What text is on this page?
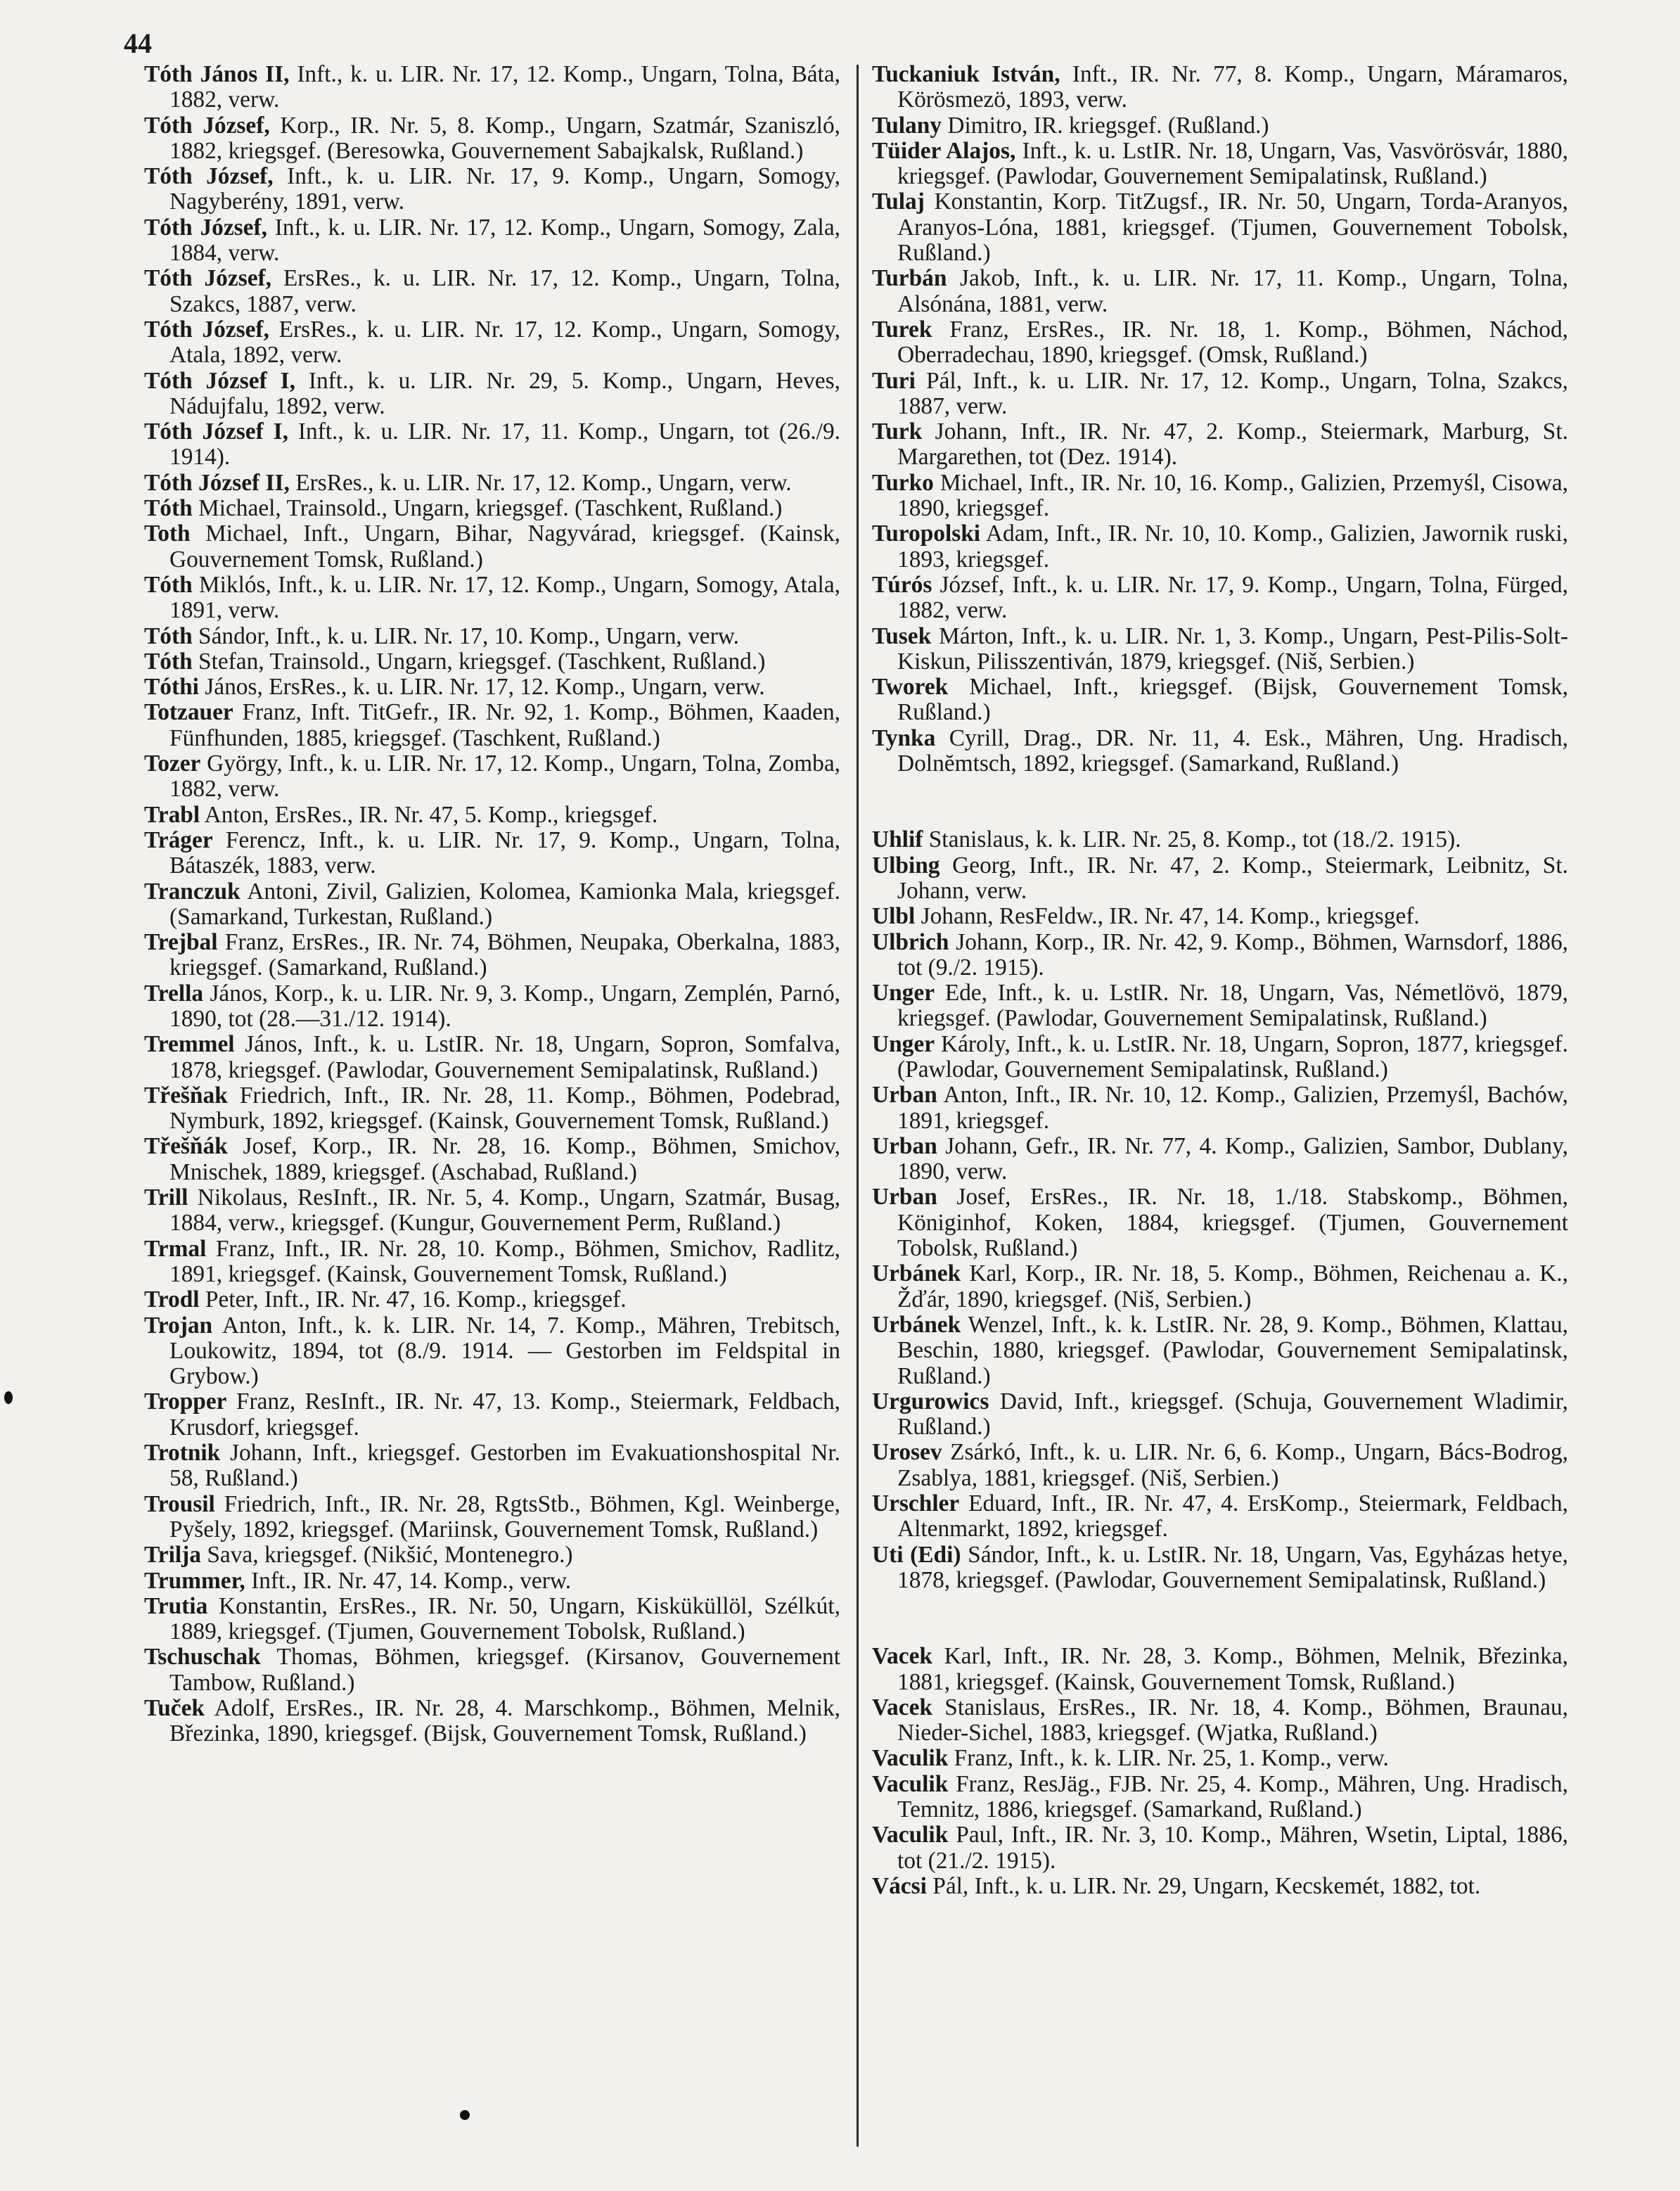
44

Tóth János II, Inft., k. u. LIR. Nr. 17, 12. Komp., Ungarn, Tolna, Báta, 1882, verw.

Tóth József, Korp., IR. Nr. 5, 8. Komp., Ungarn, Szatmár, Szaniszló, 1882, kriegsgef. (Beresowka, Gouvernement Sabajkalsk, Rußland.)

Tóth József, Inft., k. u. LIR. Nr. 17, 9. Komp., Ungarn, Somogy, Nagyberény, 1891, verw.

Tóth József, Inft., k. u. LIR. Nr. 17, 12. Komp., Ungarn, Somogy, Zala, 1884, verw.

Tóth József, ErsRes., k. u. LIR. Nr. 17, 12. Komp., Ungarn, Tolna, Szakcs, 1887, verw.

Tóth József, ErsRes., k. u. LIR. Nr. 17, 12. Komp., Ungarn, Somogy, Atala, 1892, verw.

Tóth József I, Inft., k. u. LIR. Nr. 29, 5. Komp., Ungarn, Heves, Nádujfalu, 1892, verw.

Tóth József I, Inft., k. u. LIR. Nr. 17, 11. Komp., Ungarn, tot (26./9. 1914).

Tóth József II, ErsRes., k. u. LIR. Nr. 17, 12. Komp., Ungarn, verw.

Tóth Michael, Trainsold., Ungarn, kriegsgef. (Taschkent, Rußland.)

Toth Michael, Inft., Ungarn, Bihar, Nagyvárad, kriegsgef. (Kainsk, Gouvernement Tomsk, Rußland.)

Tóth Miklós, Inft., k. u. LIR. Nr. 17, 12. Komp., Ungarn, Somogy, Atala, 1891, verw.

Tóth Sándor, Inft., k. u. LIR. Nr. 17, 10. Komp., Ungarn, verw.

Tóth Stefan, Trainsold., Ungarn, kriegsgef. (Taschkent, Rußland.)

Tóthi János, ErsRes., k. u. LIR. Nr. 17, 12. Komp., Ungarn, verw.

Totzauer Franz, Inft. TitGefr., IR. Nr. 92, 1. Komp., Böhmen, Kaaden, Fünfhunden, 1885, kriegsgef. (Taschkent, Rußland.)

Tozer György, Inft., k. u. LIR. Nr. 17, 12. Komp., Ungarn, Tolna, Zomba, 1882, verw.

Trabl Anton, ErsRes., IR. Nr. 47, 5. Komp., kriegsgef.

Tráger Ferencz, Inft., k. u. LIR. Nr. 17, 9. Komp., Ungarn, Tolna, Bátaszék, 1883, verw.

Tranczuk Antoni, Zivil, Galizien, Kolomea, Kamionka Mala, kriegsgef. (Samarkand, Turkestan, Rußland.)

Trejbal Franz, ErsRes., IR. Nr. 74, Böhmen, Neupaka, Oberkalna, 1883, kriegsgef. (Samarkand, Rußland.)

Trella János, Korp., k. u. LIR. Nr. 9, 3. Komp., Ungarn, Zemplén, Parnó, 1890, tot (28.—31./12. 1914).

Tremmel János, Inft., k. u. LstIR. Nr. 18, Ungarn, Sopron, Somfalva, 1878, kriegsgef. (Pawlodar, Gouvernement Semipalatinsk, Rußland.)

Třešňak Friedrich, Inft., IR. Nr. 28, 11. Komp., Böhmen, Podebrad, Nymburk, 1892, kriegsgef. (Kainsk, Gouvernement Tomsk, Rußland.)

Třešňák Josef, Korp., IR. Nr. 28, 16. Komp., Böhmen, Smichov, Mnischek, 1889, kriegsgef. (Aschabad, Rußland.)

Trill Nikolaus, ResInft., IR. Nr. 5, 4. Komp., Ungarn, Szatmár, Busag, 1884, verw., kriegsgef. (Kungur, Gouvernement Perm, Rußland.)

Trmal Franz, Inft., IR. Nr. 28, 10. Komp., Böhmen, Smichov, Radlitz, 1891, kriegsgef. (Kainsk, Gouvernement Tomsk, Rußland.)

Trodl Peter, Inft., IR. Nr. 47, 16. Komp., kriegsgef.

Trojan Anton, Inft., k. k. LIR. Nr. 14, 7. Komp., Mähren, Trebitsch, Loukowitz, 1894, tot (8./9. 1914. — Gestorben im Feldspital in Grybow.)

Tropper Franz, ResInft., IR. Nr. 47, 13. Komp., Steiermark, Feldbach, Krusdorf, kriegsgef.

Trotnik Johann, Inft., kriegsgef. Gestorben im Evakuationshospital Nr. 58, Rußland.)

Trousil Friedrich, Inft., IR. Nr. 28, RgtsStb., Böhmen, Kgl. Weinberge, Pyšely, 1892, kriegsgef. (Mariinsk, Gouvernement Tomsk, Rußland.)

Trilja Sava, kriegsgef. (Nikšić, Montenegro.)

Trummer, Inft., IR. Nr. 47, 14. Komp., verw.

Trutia Konstantin, ErsRes., IR. Nr. 50, Ungarn, Kisküküllöl, Szélkút, 1889, kriegsgef. (Tjumen, Gouvernement Tobolsk, Rußland.)

Tschuschak Thomas, Böhmen, kriegsgef. (Kirsanov, Gouvernement Tambow, Rußland.)

Tuček Adolf, ErsRes., IR. Nr. 28, 4. Marschkomp., Böhmen, Melnik, Březinka, 1890, kriegsgef. (Bijsk, Gouvernement Tomsk, Rußland.)

Tuckaniuk István, Inft., IR. Nr. 77, 8. Komp., Ungarn, Máramaros, Körösmezö, 1893, verw.

Tulany Dimitro, IR. kriegsgef. (Rußland.)

Tüider Alajos, Inft., k. u. LstIR. Nr. 18, Ungarn, Vas, Vasvörösvár, 1880, kriegsgef. (Pawlodar, Gouvernement Semipalatinsk, Rußland.)

Tulaj Konstantin, Korp. TitZugsf., IR. Nr. 50, Ungarn, Torda-Aranyos, Aranyos-Lóna, 1881, kriegsgef. (Tjumen, Gouvernement Tobolsk, Rußland.)

Turbán Jakob, Inft., k. u. LIR. Nr. 17, 11. Komp., Ungarn, Tolna, Alsónána, 1881, verw.

Turek Franz, ErsRes., IR. Nr. 18, 1. Komp., Böhmen, Náchod, Oberradechau, 1890, kriegsgef. (Omsk, Rußland.)

Turi Pál, Inft., k. u. LIR. Nr. 17, 12. Komp., Ungarn, Tolna, Szakcs, 1887, verw.

Turk Johann, Inft., IR. Nr. 47, 2. Komp., Steiermark, Marburg, St. Margarethen, tot (Dez. 1914).

Turko Michael, Inft., IR. Nr. 10, 16. Komp., Galizien, Przemyśl, Cisowa, 1890, kriegsgef.

Turopolski Adam, Inft., IR. Nr. 10, 10. Komp., Galizien, Jawornik ruski, 1893, kriegsgef.

Túrós József, Inft., k. u. LIR. Nr. 17, 9. Komp., Ungarn, Tolna, Fürged, 1882, verw.

Tusek Márton, Inft., k. u. LIR. Nr. 1, 3. Komp., Ungarn, Pest-Pilis-Solt-Kiskun, Pilisszentiván, 1879, kriegsgef. (Niš, Serbien.)

Tworek Michael, Inft., kriegsgef. (Bijsk, Gouvernement Tomsk, Rußland.)

Tynka Cyrill, Drag., DR. Nr. 11, 4. Esk., Mähren, Ung. Hradisch, Dolnĕmtsch, 1892, kriegsgef. (Samarkand, Rußland.)

Uhlif Stanislaus, k. k. LIR. Nr. 25, 8. Komp., tot (18./2. 1915).

Ulbing Georg, Inft., IR. Nr. 47, 2. Komp., Steiermark, Leibnitz, St. Johann, verw.

Ulbl Johann, ResFeldw., IR. Nr. 47, 14. Komp., kriegsgef.

Ulbrich Johann, Korp., IR. Nr. 42, 9. Komp., Böhmen, Warnsdorf, 1886, tot (9./2. 1915).

Unger Ede, Inft., k. u. LstIR. Nr. 18, Ungarn, Vas, Németlövö, 1879, kriegsgef. (Pawlodar, Gouvernement Semipalatinsk, Rußland.)

Unger Károly, Inft., k. u. LstIR. Nr. 18, Ungarn, Sopron, 1877, kriegsgef. (Pawlodar, Gouvernement Semipalatinsk, Rußland.)

Urban Anton, Inft., IR. Nr. 10, 12. Komp., Galizien, Przemyśl, Bachów, 1891, kriegsgef.

Urban Johann, Gefr., IR. Nr. 77, 4. Komp., Galizien, Sambor, Dublany, 1890, verw.

Urban Josef, ErsRes., IR. Nr. 18, 1./18. Stabskomp., Böhmen, Königinhof, Koken, 1884, kriegsgef. (Tjumen, Gouvernement Tobolsk, Rußland.)

Urbánek Karl, Korp., IR. Nr. 18, 5. Komp., Böhmen, Reichenau a. K., Žďár, 1890, kriegsgef. (Niš, Serbien.)

Urbánek Wenzel, Inft., k. k. LstIR. Nr. 28, 9. Komp., Böhmen, Klattau, Beschin, 1880, kriegsgef. (Pawlodar, Gouvernement Semipalatinsk, Rußland.)

Urgurowics David, Inft., kriegsgef. (Schuja, Gouvernement Wladimir, Rußland.)

Urosev Zsárkó, Inft., k. u. LIR. Nr. 6, 6. Komp., Ungarn, Bács-Bodrog, Zsablya, 1881, kriegsgef. (Niš, Serbien.)

Urschler Eduard, Inft., IR. Nr. 47, 4. ErsKomp., Steiermark, Feldbach, Altenmarkt, 1892, kriegsgef.

Uti (Edi) Sándor, Inft., k. u. LstIR. Nr. 18, Ungarn, Vas, Egyházas hetye, 1878, kriegsgef. (Pawlodar, Gouvernement Semipalatinsk, Rußland.)

Vacek Karl, Inft., IR. Nr. 28, 3. Komp., Böhmen, Melnik, Březinka, 1881, kriegsgef. (Kainsk, Gouvernement Tomsk, Rußland.)

Vacek Stanislaus, ErsRes., IR. Nr. 18, 4. Komp., Böhmen, Braunau, Nieder-Sichel, 1883, kriegsgef. (Wjatka, Rußland.)

Vaculik Franz, Inft., k. k. LIR. Nr. 25, 1. Komp., verw.

Vaculik Franz, ResJäg., FJB. Nr. 25, 4. Komp., Mähren, Ung. Hradisch, Temnitz, 1886, kriegsgef. (Samarkand, Rußland.)

Vaculik Paul, Inft., IR. Nr. 3, 10. Komp., Mähren, Wsetin, Liptal, 1886, tot (21./2. 1915).

Vácsi Pál, Inft., k. u. LIR. Nr. 29, Ungarn, Kecskemét, 1882, tot.
